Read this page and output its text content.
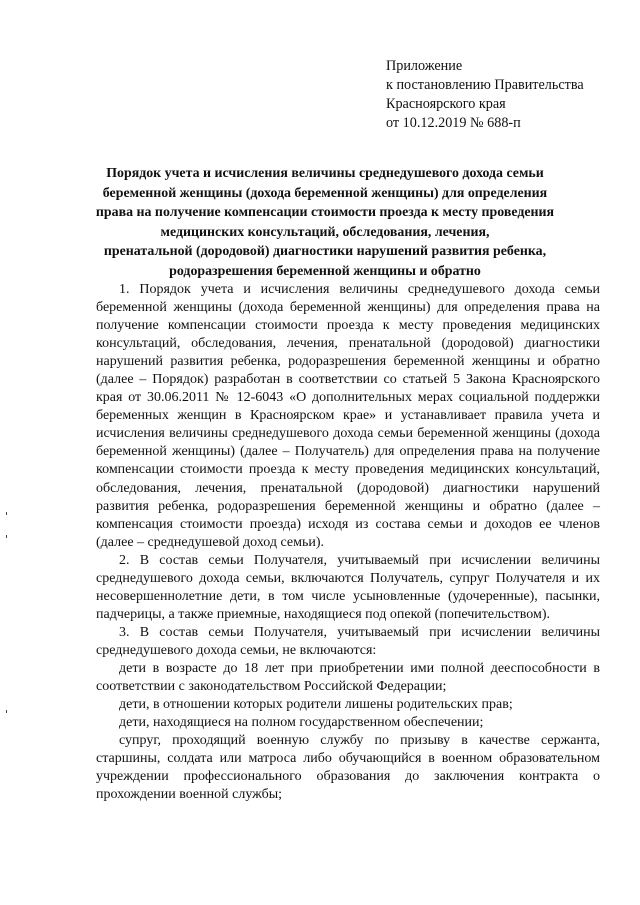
Приложение
к постановлению Правительства
Красноярского края
от 10.12.2019 № 688-п
Порядок учета и исчисления величины среднедушевого дохода семьи
беременной женщины (дохода беременной женщины) для определения
права на получение компенсации стоимости проезда к месту проведения
медицинских консультаций, обследования, лечения,
пренатальной (дородовой) диагностики нарушений развития ребенка,
родоразрешения беременной женщины и обратно

1. Порядок учета и исчисления величины среднедушевого дохода семьи беременной женщины (дохода беременной женщины) для определения права на получение компенсации стоимости проезда к месту проведения медицинских консультаций, обследования, лечения, пренатальной (дородовой) диагностики нарушений развития ребенка, родоразрешения беременной женщины и обратно (далее – Порядок) разработан в соответствии со статьей 5 Закона Красноярского края от 30.06.2011 № 12-6043 «О дополнительных мерах социальной поддержки беременных женщин в Красноярском крае» и устанавливает правила учета и исчисления величины среднедушевого дохода семьи беременной женщины (дохода беременной женщины) (далее – Получатель) для определения права на получение компенсации стоимости проезда к месту проведения медицинских консультаций, обследования, лечения, пренатальной (дородовой) диагностики нарушений развития ребенка, родоразрешения беременной женщины и обратно (далее – компенсация стоимости проезда) исходя из состава семьи и доходов ее членов (далее – среднедушевой доход семьи).

2. В состав семьи Получателя, учитываемый при исчислении величины среднедушевого дохода семьи, включаются Получатель, супруг Получателя и их несовершеннолетние дети, в том числе усыновленные (удочеренные), пасынки, падчерицы, а также приемные, находящиеся под опекой (попечительством).

3. В состав семьи Получателя, учитываемый при исчислении величины среднедушевого дохода семьи, не включаются:

дети в возрасте до 18 лет при приобретении ими полной дееспособности в соответствии с законодательством Российской Федерации;

дети, в отношении которых родители лишены родительских прав;

дети, находящиеся на полном государственном обеспечении;

супруг, проходящий военную службу по призыву в качестве сержанта, старшины, солдата или матроса либо обучающийся в военном образовательном учреждении профессионального образования до заключения контракта о прохождении военной службы;
